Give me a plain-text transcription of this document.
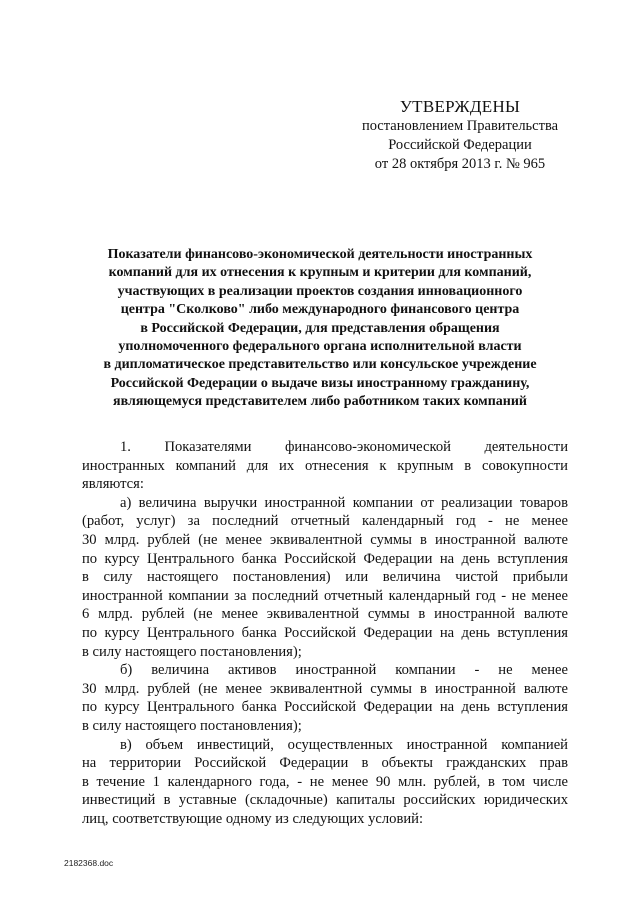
УТВЕРЖДЕНЫ
постановлением Правительства
Российской Федерации
от 28 октября 2013 г. № 965
Показатели финансово-экономической деятельности иностранных
компаний для их отнесения к крупным и критерии для компаний,
участвующих в реализации проектов создания инновационного
центра "Сколково" либо международного финансового центра
в Российской Федерации, для представления обращения
уполномоченного федерального органа исполнительной власти
в дипломатическое представительство или консульское учреждение
Российской Федерации о выдаче визы иностранному гражданину,
являющемуся представителем либо работником таких компаний
1. Показателями финансово-экономической деятельности
иностранных компаний для их отнесения к крупным в совокупности
являются:
а) величина выручки иностранной компании от реализации товаров
(работ, услуг) за последний отчетный календарный год - не менее
30 млрд. рублей (не менее эквивалентной суммы в иностранной валюте
по курсу Центрального банка Российской Федерации на день вступления
в силу настоящего постановления) или величина чистой прибыли
иностранной компании за последний отчетный календарный год - не менее
6 млрд. рублей (не менее эквивалентной суммы в иностранной валюте
по курсу Центрального банка Российской Федерации на день вступления
в силу настоящего постановления);
б) величина активов иностранной компании - не менее
30 млрд. рублей (не менее эквивалентной суммы в иностранной валюте
по курсу Центрального банка Российской Федерации на день вступления
в силу настоящего постановления);
в) объем инвестиций, осуществленных иностранной компанией
на территории Российской Федерации в объекты гражданских прав
в течение 1 календарного года, - не менее 90 млн. рублей, в том числе
инвестиций в уставные (складочные) капиталы российских юридических
лиц, соответствующие одному из следующих условий:
2182368.doc
